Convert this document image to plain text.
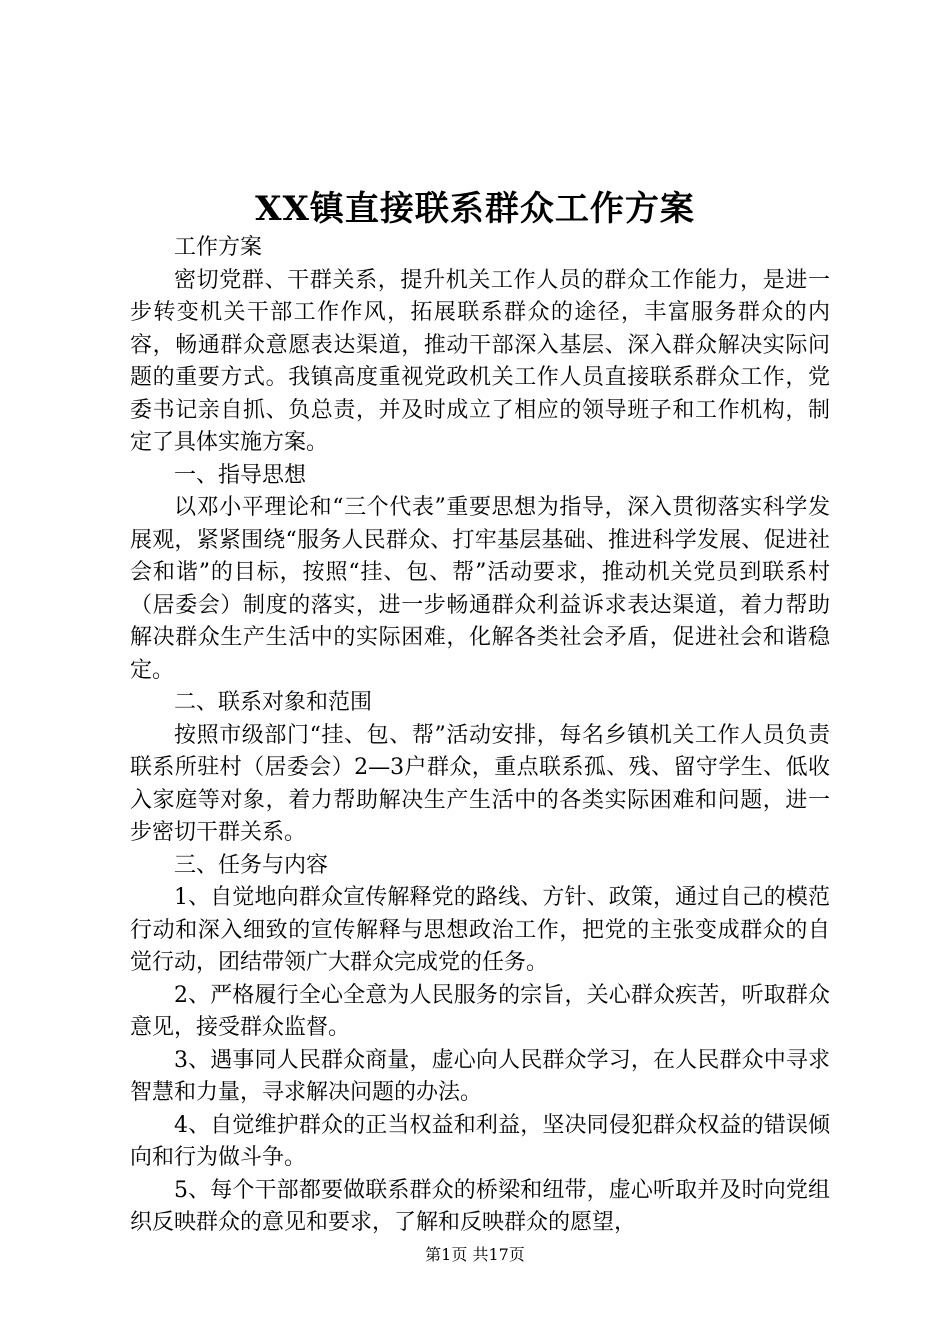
XX镇直接联系群众工作方案

工作方案

密切党群、干群关系，提升机关工作人员的群众工作能力，是进一步转变机关干部工作作风，拓展联系群众的途径，丰富服务群众的内容，畅通群众意愿表达渠道，推动干部深入基层、深入群众解决实际问题的重要方式。我镇高度重视党政机关工作人员直接联系群众工作，党委书记亲自抓、负总责，并及时成立了相应的领导班子和工作机构，制定了具体实施方案。

一、指导思想

以邓小平理论和“三个代表”重要思想为指导，深入贯彻落实科学发展观，紧紧围绕“服务人民群众、打牢基层基础、推进科学发展、促进社会和谐”的目标，按照“挂、包、帮”活动要求，推动机关党员到联系村（居委会）制度的落实，进一步畅通群众利益诉求表达渠道，着力帮助解决群众生产生活中的实际困难，化解各类社会矛盾，促进社会和谐稳定。

二、联系对象和范围

按照市级部门“挂、包、帮”活动安排，每名乡镇机关工作人员负责联系所驻村（居委会）2—3户群众，重点联系孤、残、留守学生、低收入家庭等对象，着力帮助解决生产生活中的各类实际困难和问题，进一步密切干群关系。

三、任务与内容

1、自觉地向群众宣传解释党的路线、方针、政策，通过自己的模范行动和深入细致的宣传解释与思想政治工作，把党的主张变成群众的自觉行动，团结带领广大群众完成党的任务。

2、严格履行全心全意为人民服务的宗旨，关心群众疾苦，听取群众意见，接受群众监督。

3、遇事同人民群众商量，虚心向人民群众学习，在人民群众中寻求智慧和力量，寻求解决问题的办法。

4、自觉维护群众的正当权益和利益，坚决同侵犯群众权益的错误倾向和行为做斗争。

5、每个干部都要做联系群众的桥梁和纽带，虚心听取并及时向党组织反映群众的意见和要求，了解和反映群众的愿望，

第1页 共17页
